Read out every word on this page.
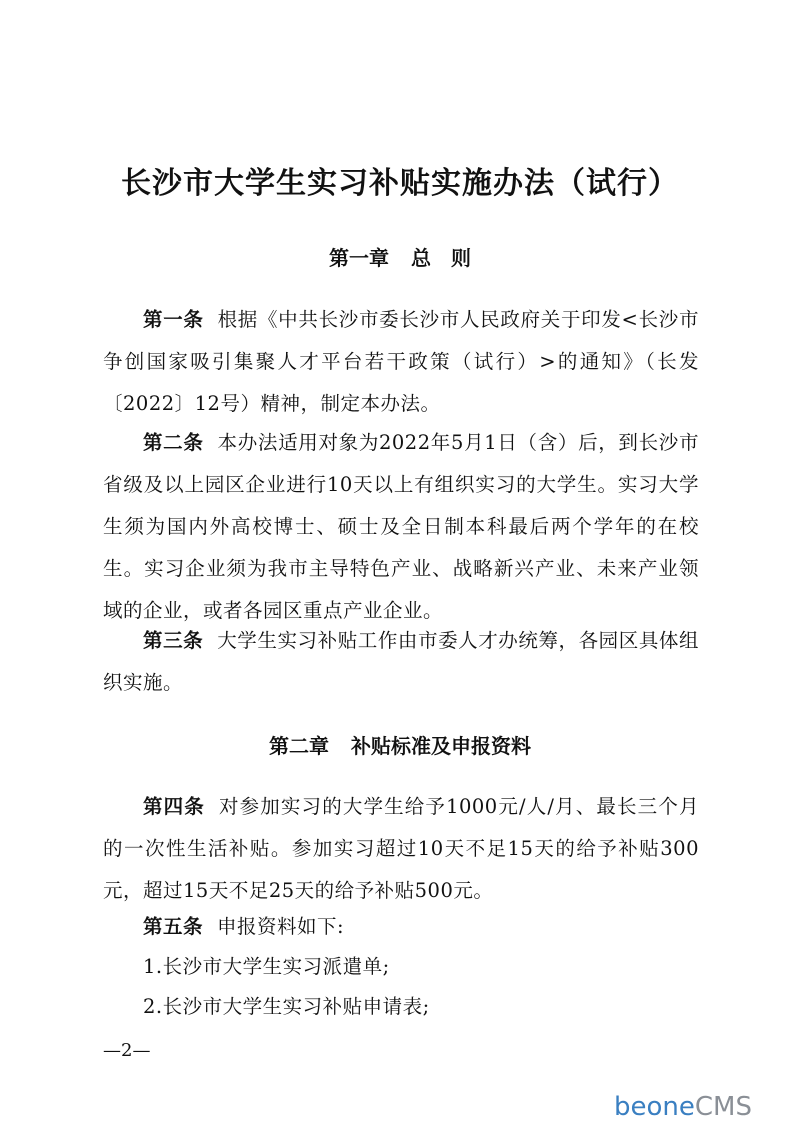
长沙市大学生实习补贴实施办法（试行）
第一章 总　则
第一条 根据《中共长沙市委长沙市人民政府关于印发<长沙市争创国家吸引集聚人才平台若干政策（试行）>的通知》（长发〔2022〕12号）精神，制定本办法。
第二条 本办法适用对象为2022年5月1日（含）后，到长沙市省级及以上园区企业进行10天以上有组织实习的大学生。实习大学生须为国内外高校博士、硕士及全日制本科最后两个学年的在校生。实习企业须为我市主导特色产业、战略新兴产业、未来产业领域的企业，或者各园区重点产业企业。
第三条 大学生实习补贴工作由市委人才办统筹，各园区具体组织实施。
第二章 补贴标准及申报资料
第四条 对参加实习的大学生给予1000元/人/月、最长三个月的一次性生活补贴。参加实习超过10天不足15天的给予补贴300元，超过15天不足25天的给予补贴500元。
第五条 申报资料如下:
1.长沙市大学生实习派遣单;
2.长沙市大学生实习补贴申请表;
—2—
beoneCMS
